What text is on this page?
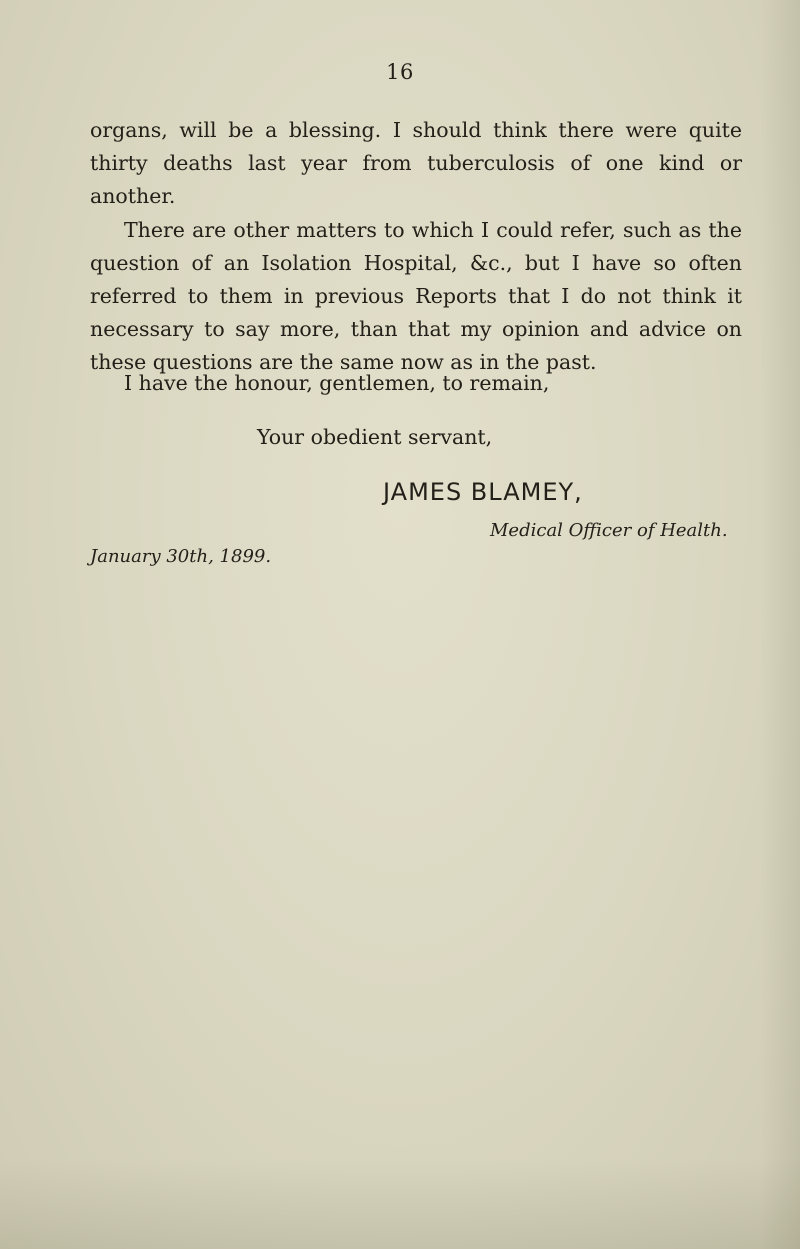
16

organs, will be a blessing. I should think there were quite thirty deaths last year from tuberculosis of one kind or another.

There are other matters to which I could refer, such as the question of an Isolation Hospital, &c., but I have so often referred to them in previous Reports that I do not think it necessary to say more, than that my opinion and advice on these questions are the same now as in the past.

I have the honour, gentlemen, to remain,

Your obedient servant,

JAMES BLAMEY,

Medical Officer of Health.

January 30th, 1899.
